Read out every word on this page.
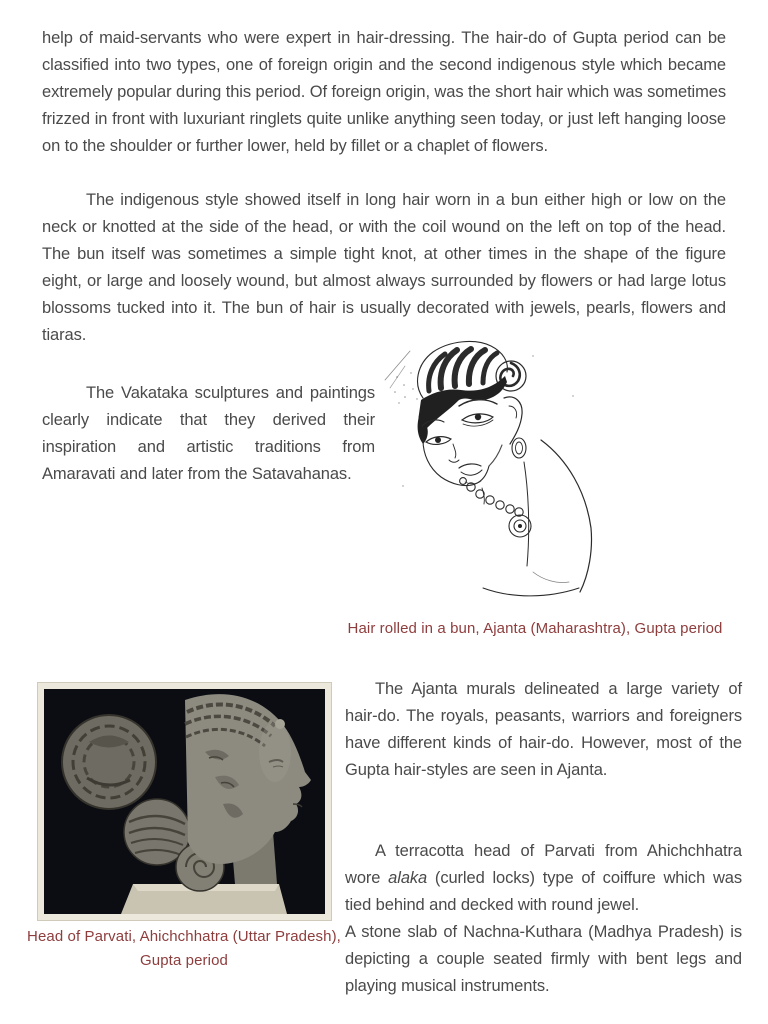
help of maid-servants who were expert in hair-dressing. The hair-do of Gupta period can be classified into two types, one of foreign origin and the second indigenous style which became extremely popular during this period. Of foreign origin, was the short hair which was sometimes frizzed in front with luxuriant ringlets quite unlike anything seen today, or just left hanging loose on to the shoulder or further lower, held by fillet or a chaplet of flowers.

The indigenous style showed itself in long hair worn in a bun either high or low on the neck or knotted at the side of the head, or with the coil wound on the left on top of the head. The bun itself was sometimes a simple tight knot, at other times in the shape of the figure eight, or large and loosely wound, but almost always surrounded by flowers or had large lotus blossoms tucked into it. The bun of hair is usually decorated with jewels, pearls, flowers and tiaras.

The Vakataka sculptures and paintings clearly indicate that they derived their inspiration and artistic traditions from Amaravati and later from the Satavahanas.

Hair rolled in a bun, Ajanta (Maharashtra), Gupta period
Head of Parvati, Ahichchhatra (Uttar Pradesh),
Gupta period

The Ajanta murals delineated a large variety of hair-do. The royals, peasants, warriors and foreigners have different kinds of hair-do. However, most of the Gupta hair-styles are seen in Ajanta.

A terracotta head of Parvati from Ahichchhatra wore alaka (curled locks) type of coiffure which was tied behind and decked with round jewel.
A stone slab of Nachna-Kuthara (Madhya Pradesh) is depicting a couple seated firmly with bent legs and playing musical instruments.
